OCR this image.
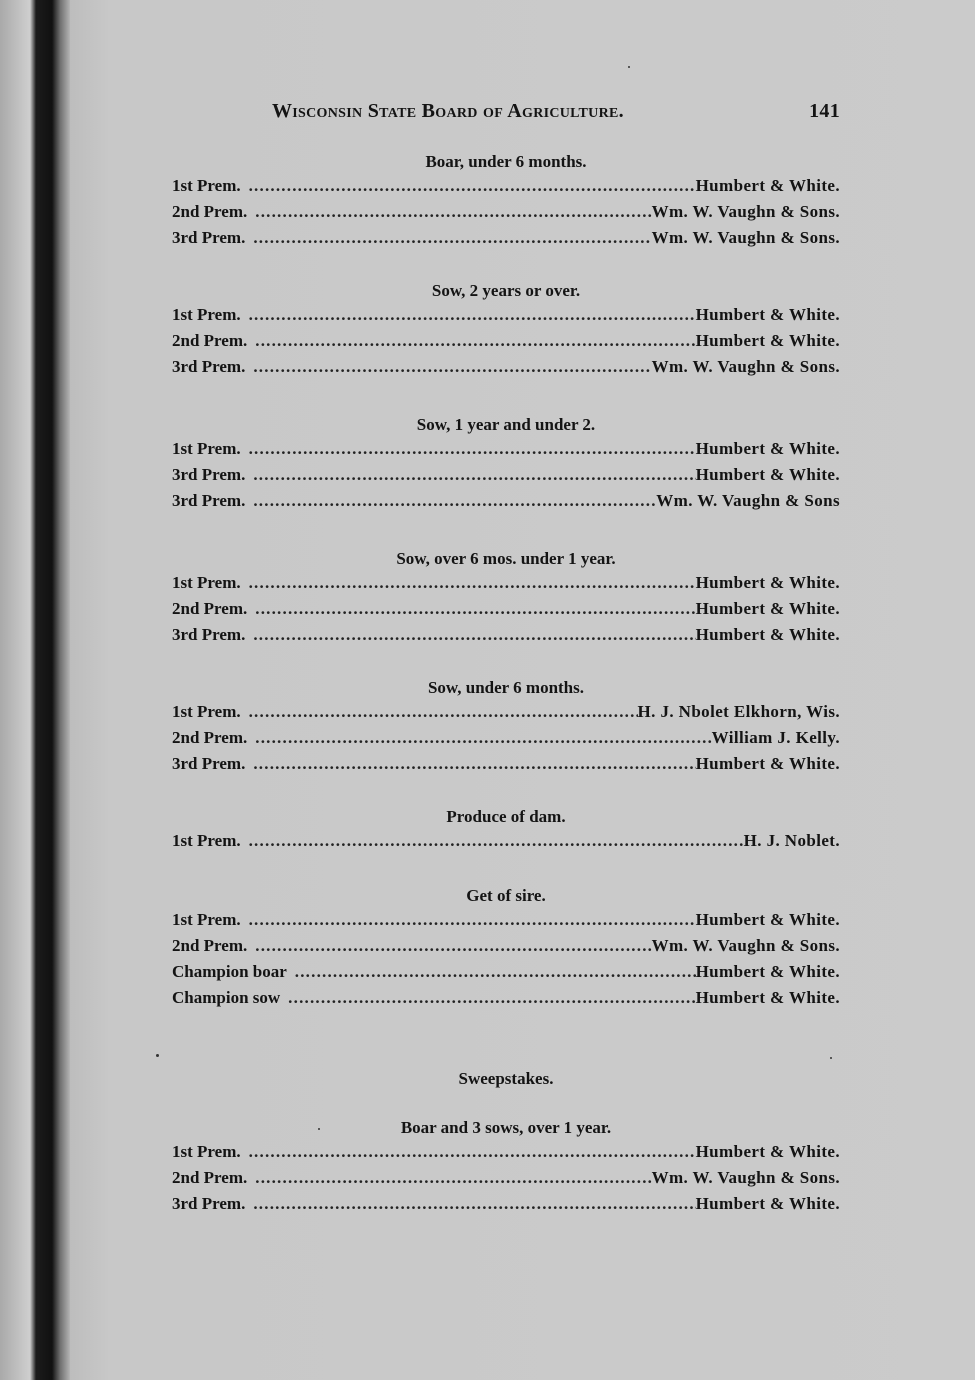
Wisconsin State Board of Agriculture.	141
Boar, under 6 months.
1st Prem. .....	Humbert & White.
2nd Prem. .....	Wm. W. Vaughn & Sons.
3rd Prem. .....	Wm. W. Vaughn & Sons.
Sow, 2 years or over.
1st Prem. .....	Humbert & White.
2nd Prem. .....	Humbert & White.
3rd Prem. .....	Wm. W. Vaughn & Sons.
Sow, 1 year and under 2.
1st Prem. .....	Humbert & White.
3rd Prem. .....	Humbert & White.
3rd Prem. .....	Wm. W. Vaughn & Sons
Sow, over 6 mos. under 1 year.
1st Prem. .....	Humbert & White.
2nd Prem. .....	Humbert & White.
3rd Prem. .....	Humbert & White.
Sow, under 6 months.
1st Prem. .....	H. J. Nbolet Elkhorn, Wis.
2nd Prem. .....	William J. Kelly.
3rd Prem. .....	Humbert & White.
Produce of dam.
1st Prem. .....	H. J. Noblet.
Get of sire.
1st Prem. .....	Humbert & White.
2nd Prem. .....	Wm. W. Vaughn & Sons.
Champion boar .....	Humbert & White.
Champion sow .....	Humbert & White.
Sweepstakes.
Boar and 3 sows, over 1 year.
1st Prem. .....	Humbert & White.
2nd Prem. .....	Wm. W. Vaughn & Sons.
3rd Prem. .....	Humbert & White.
